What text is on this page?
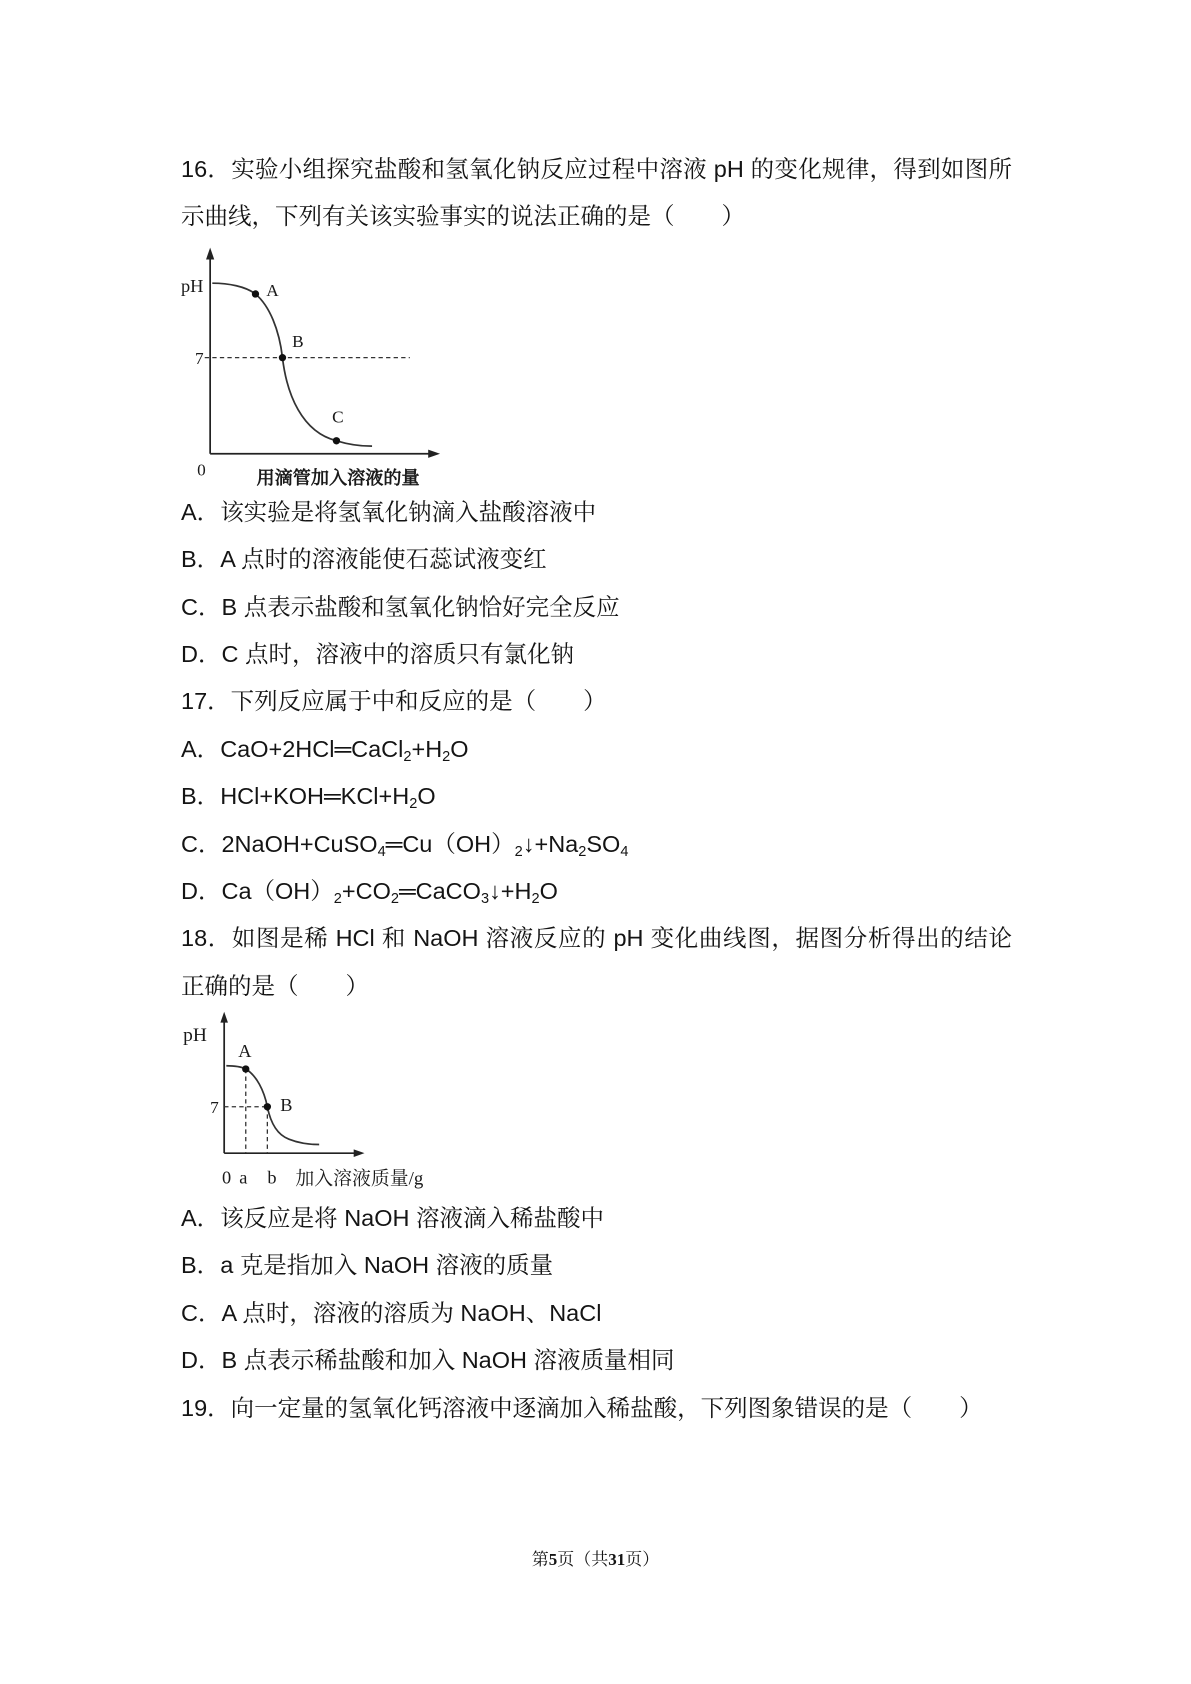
16．实验小组探究盐酸和氢氧化钠反应过程中溶液 pH 的变化规律，得到如图所
示曲线，下列有关该实验事实的说法正确的是（　　）
pH
7
0
A
B
C
用滴管加入溶液的量
A．该实验是将氢氧化钠滴入盐酸溶液中
B．A 点时的溶液能使石蕊试液变红
C．B 点表示盐酸和氢氧化钠恰好完全反应
D．C 点时，溶液中的溶质只有氯化钠
17．下列反应属于中和反应的是（　　）
A．$CaO+2HCl═CaCl_2+H_2O$
B．$HCl+KOH═KCl+H_2O$
C．$2NaOH+CuSO_4═Cu(OH)_2↓+Na_2SO_4$
D．$Ca(OH)_2+CO_2═CaCO_3↓+H_2O$
18．如图是稀 HCl 和 NaOH 溶液反应的 pH 变化曲线图，据图分析得出的结论
正确的是（　　）
pH
A
7	B
0 a b 加入溶液质量/g
A．该反应是将 NaOH 溶液滴入稀盐酸中
B．a 克是指加入 NaOH 溶液的质量
C．A 点时，溶液的溶质为 NaOH、NaCl
D．B 点表示稀盐酸和加入 NaOH 溶液质量相同
19．向一定量的氢氧化钙溶液中逐滴加入稀盐酸，下列图象错误的是（　　）
第5页（共31页）
